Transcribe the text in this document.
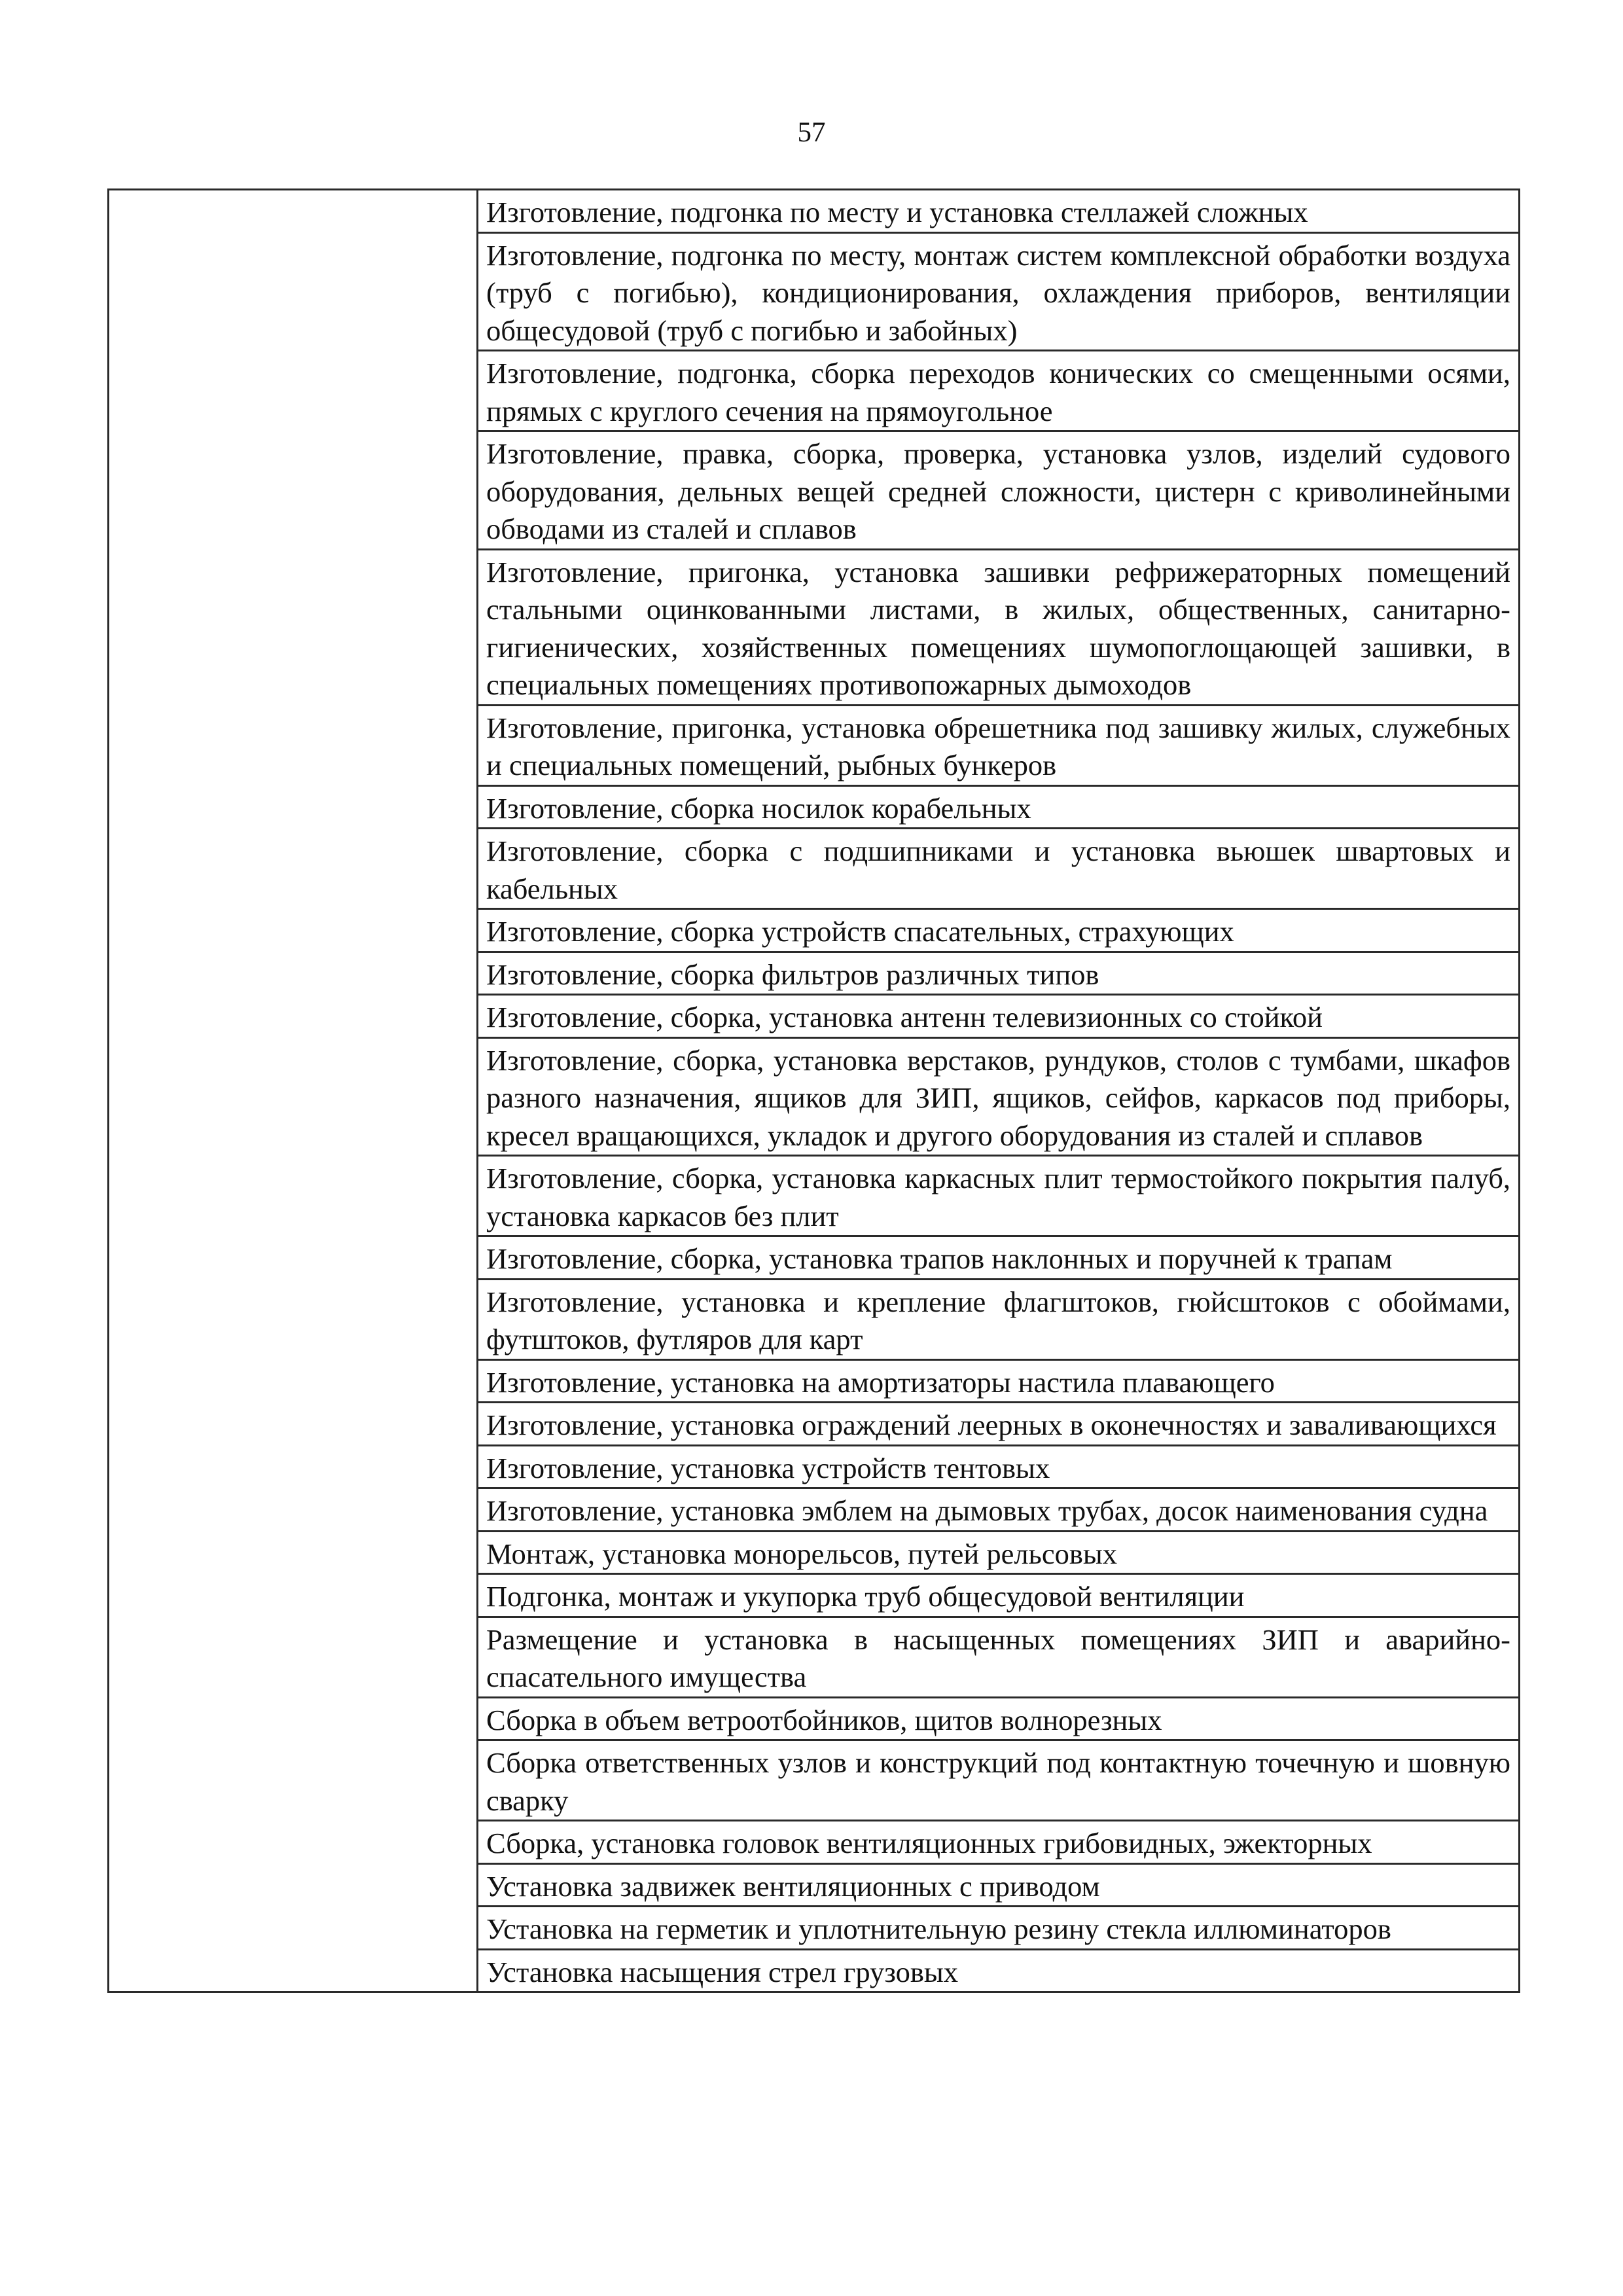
57

Изготовление, подгонка по месту и установка стеллажей сложных

Изготовление, подгонка по месту, монтаж систем комплексной обработки воздуха (труб с погибью), кондиционирования, охлаждения приборов, вентиляции общесудовой (труб с погибью и забойных)

Изготовление, подгонка, сборка переходов конических со смещенными осями, прямых с круглого сечения на прямоугольное

Изготовление, правка, сборка, проверка, установка узлов, изделий судового оборудования, дельных вещей средней сложности, цистерн с криволинейными обводами из сталей и сплавов

Изготовление, пригонка, установка зашивки рефрижераторных помещений стальными оцинкованными листами, в жилых, общественных, санитарно-гигиенических, хозяйственных помещениях шумопоглощающей зашивки, в специальных помещениях противопожарных дымоходов

Изготовление, пригонка, установка обрешетника под зашивку жилых, служебных и специальных помещений, рыбных бункеров

Изготовление, сборка носилок корабельных

Изготовление, сборка с подшипниками и установка вьюшек швартовых и кабельных

Изготовление, сборка устройств спасательных, страхующих

Изготовление, сборка фильтров различных типов

Изготовление, сборка, установка антенн телевизионных со стойкой

Изготовление, сборка, установка верстаков, рундуков, столов с тумбами, шкафов разного назначения, ящиков для ЗИП, ящиков, сейфов, каркасов под приборы, кресел вращающихся, укладок и другого оборудования из сталей и сплавов

Изготовление, сборка, установка каркасных плит термостойкого покрытия палуб, установка каркасов без плит

Изготовление, сборка, установка трапов наклонных и поручней к трапам

Изготовление, установка и крепление флагштоков, гюйсштоков с обоймами, футштоков, футляров для карт

Изготовление, установка на амортизаторы настила плавающего

Изготовление, установка ограждений леерных в оконечностях и заваливающихся

Изготовление, установка устройств тентовых

Изготовление, установка эмблем на дымовых трубах, досок наименования судна

Монтаж, установка монорельсов, путей рельсовых

Подгонка, монтаж и укупорка труб общесудовой вентиляции

Размещение и установка в насыщенных помещениях ЗИП и аварийно-спасательного имущества

Сборка в объем ветроотбойников, щитов волнорезных

Сборка ответственных узлов и конструкций под контактную точечную и шовную сварку

Сборка, установка головок вентиляционных грибовидных, эжекторных

Установка задвижек вентиляционных с приводом

Установка на герметик и уплотнительную резину стекла иллюминаторов

Установка насыщения стрел грузовых
